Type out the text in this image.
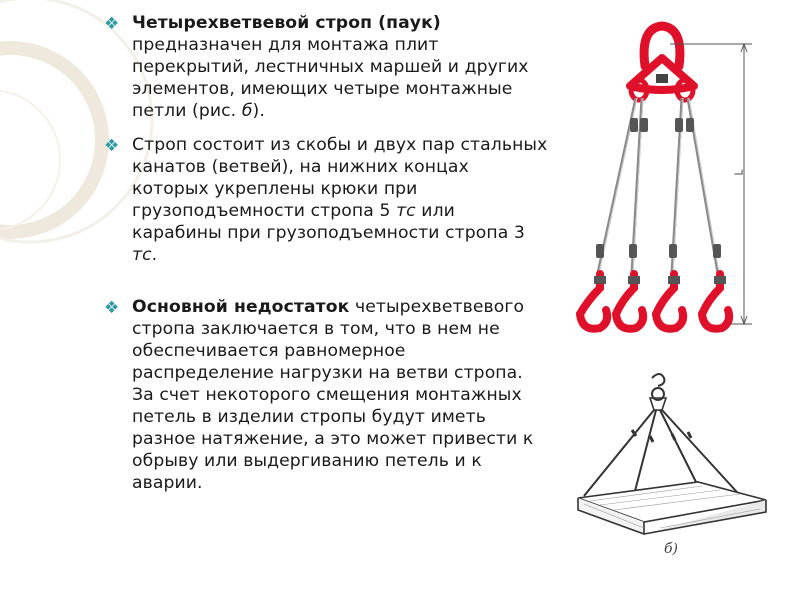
❖ Четырехветвевой строп (паук) предназначен для монтажа плит перекрытий, лестничных маршей и других элементов, имеющих четыре монтажные петли (рис. б).

❖ Строп состоит из скобы и двух пар стальных канатов (ветвей), на нижних концах которых укреплены крюки при грузоподъемности стропа 5 тс или карабины при грузоподъемности стропа 3 тс.

❖ Основной недостаток четырехветвевого стропа заключается в том, что в нем не обеспечивается равномерное распределение нагрузки на ветви стропа. За счет некоторого смещения монтажных петель в изделии стропы будут иметь разное натяжение, а это может привести к обрыву или выдергиванию петель и к аварии.

L
б)
